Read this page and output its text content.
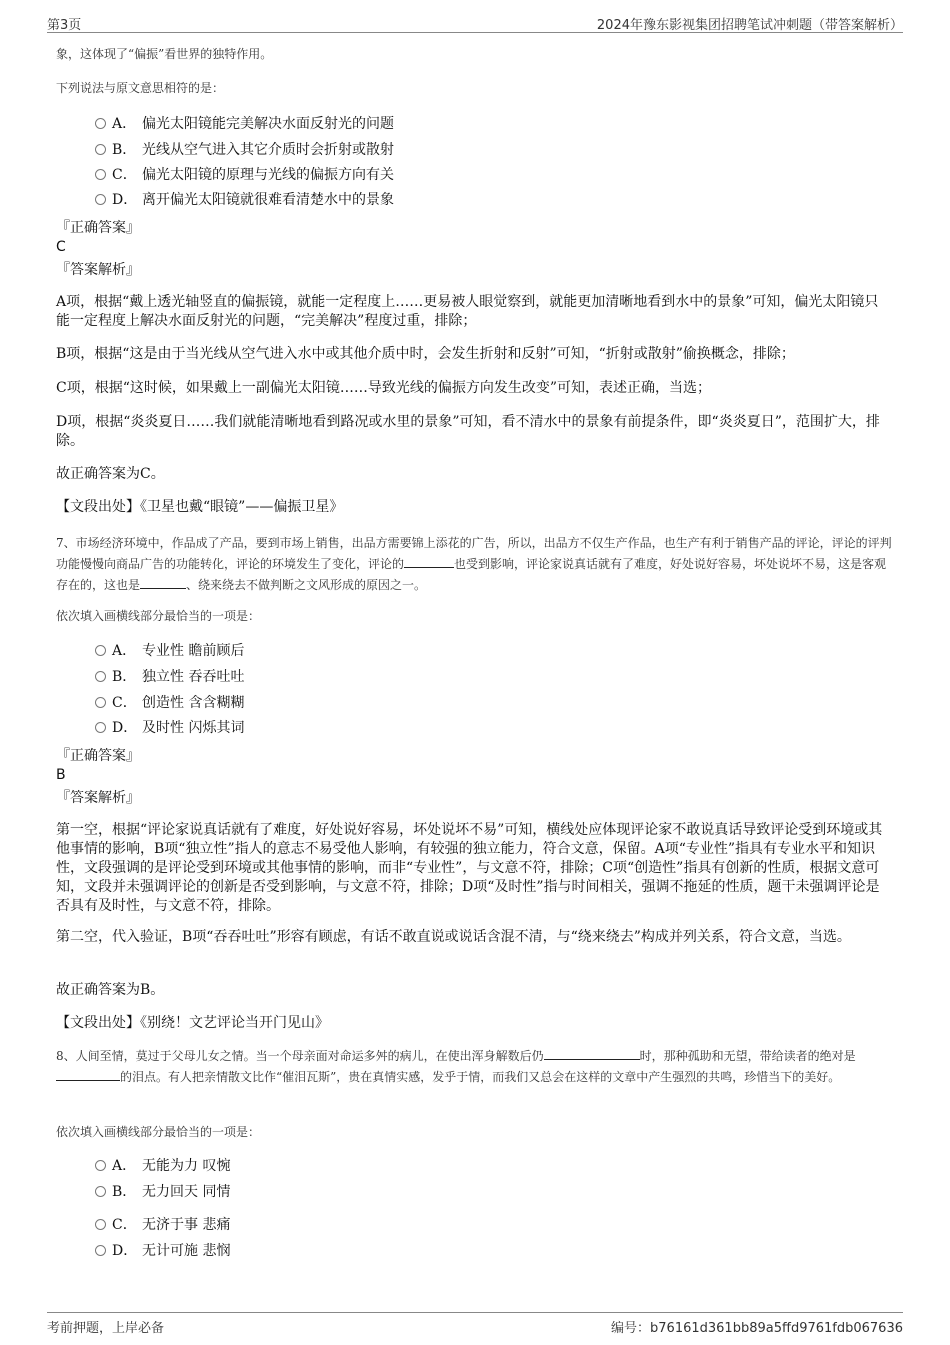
第3页	2024年豫东影视集团招聘笔试冲刺题（带答案解析）
象，这体现了“偏振”看世界的独特作用。
下列说法与原文意思相符的是：
A． 偏光太阳镜能完美解决水面反射光的问题
B． 光线从空气进入其它介质时会折射或散射
C． 偏光太阳镜的原理与光线的偏振方向有关
D． 离开偏光太阳镜就很难看清楚水中的景象
『正确答案』
C
『答案解析』
A项，根据“戴上透光轴竖直的偏振镜，就能一定程度上……更易被人眼觉察到，就能更加清晰地看到水中的景象”可知，偏光太阳镜只能一定程度上解决水面反射光的问题，“完美解决”程度过重，排除；
B项，根据“这是由于当光线从空气进入水中或其他介质中时，会发生折射和反射”可知，“折射或散射”偷换概念，排除；
C项，根据“这时候，如果戴上一副偏光太阳镜……导致光线的偏振方向发生改变”可知，表述正确，当选；
D项，根据“炎炎夏日……我们就能清晰地看到路况或水里的景象”可知，看不清水中的景象有前提条件，即“炎炎夏日”，范围扩大，排除。
故正确答案为C。
【文段出处】《卫星也戴“眼镜”——偏振卫星》
7、市场经济环境中，作品成了产品，要到市场上销售，出品方需要锦上添花的广告，所以，出品方不仅生产作品，也生产有利于销售产品的评论，评论的评判功能慢慢向商品广告的功能转化，评论的环境发生了变化，评论的	也受到影响，评论家说真话就有了难度，好处说好容易，坏处说坏不易，这是客观存在的，这也是	、绕来绕去不做判断之文风形成的原因之一。
依次填入画横线部分最恰当的一项是：
A． 专业性 瞻前顾后
B． 独立性 吞吞吐吐
C． 创造性 含含糊糊
D． 及时性 闪烁其词
『正确答案』
B
『答案解析』
第一空，根据“评论家说真话就有了难度，好处说好容易，坏处说坏不易”可知，横线处应体现评论家不敢说真话导致评论受到环境或其他事情的影响，B项“独立性”指人的意志不易受他人影响，有较强的独立能力，符合文意，保留。A项“专业性”指具有专业水平和知识性，文段强调的是评论受到环境或其他事情的影响，而非“专业性”，与文意不符，排除；C项“创造性”指具有创新的性质，根据文意可知，文段并未强调评论的创新是否受到影响，与文意不符，排除；D项“及时性”指与时间相关，强调不拖延的性质，题干未强调评论是否具有及时性，与文意不符，排除。
第二空，代入验证，B项“吞吞吐吐”形容有顾虑，有话不敢直说或说话含混不清，与“绕来绕去”构成并列关系，符合文意，当选。
故正确答案为B。
【文段出处】《别绕！文艺评论当开门见山》
8、人间至情，莫过于父母儿女之情。当一个母亲面对命运多舛的病儿，在使出浑身解数后仍	时，那种孤助和无望，带给读者的绝对是的泪点。有人把亲情散文比作“催泪瓦斯”，贵在真情实感，发乎于情，而我们又总会在这样的文章中产生强烈的共鸣，珍惜当下的美好。
依次填入画横线部分最恰当的一项是：
A． 无能为力 叹惋
B． 无力回天 同情
C． 无济于事 悲痛
D． 无计可施 悲悯
考前押题，上岸必备	编号：b76161d361bb89a5ffd9761fdb067636
